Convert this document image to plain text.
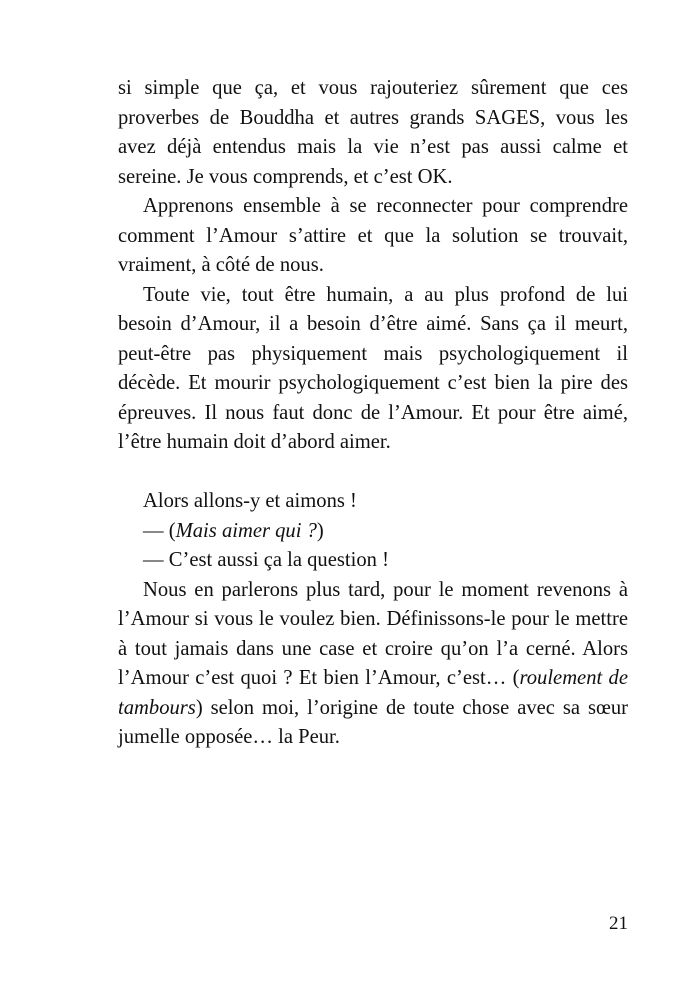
si simple que ça, et vous rajouteriez sûrement que ces proverbes de Bouddha et autres grands SAGES, vous les avez déjà entendus mais la vie n’est pas aussi calme et sereine. Je vous comprends, et c’est OK.

Apprenons ensemble à se reconnecter pour comprendre comment l’Amour s’attire et que la solution se trouvait, vraiment, à côté de nous.

Toute vie, tout être humain, a au plus profond de lui besoin d’Amour, il a besoin d’être aimé. Sans ça il meurt, peut-être pas physiquement mais psychologiquement il décède. Et mourir psychologiquement c’est bien la pire des épreuves. Il nous faut donc de l’Amour. Et pour être aimé, l’être humain doit d’abord aimer.

Alors allons-y et aimons !

— (Mais aimer qui ?)

— C’est aussi ça la question !

Nous en parlerons plus tard, pour le moment revenons à l’Amour si vous le voulez bien. Définissons-le pour le mettre à tout jamais dans une case et croire qu’on l’a cerné. Alors l’Amour c’est quoi ? Et bien l’Amour, c’est… (roulement de tambours) selon moi, l’origine de toute chose avec sa sœur jumelle opposée… la Peur.

21
